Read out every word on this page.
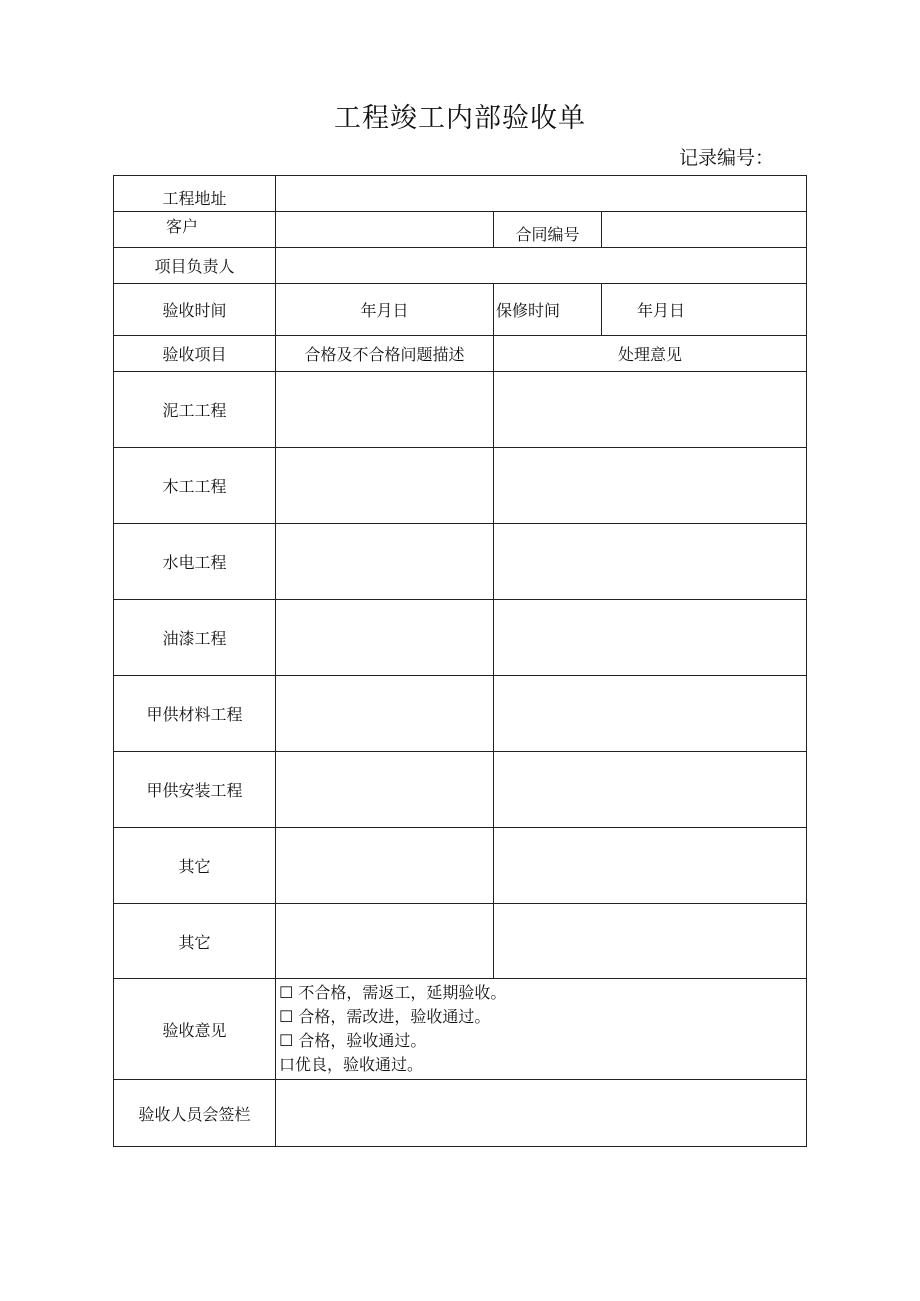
工程竣工内部验收单
记录编号：
工程地址			
客户		合同编号	
项目负责人			
验收时间	年月日	保修时间	年月日
验收项目	合格及不合格问题描述	处理意见	
泥工工程			
木工工程			
水电工程			
油漆工程			
甲供材料工程			
甲供安装工程			
其它			
其它			
验收意见	☐ 不合格，需返工，延期验收。
☐ 合格，需改进，验收通过。
☐ 合格，验收通过。
口优良，验收通过。		

验收人员会签栏			
